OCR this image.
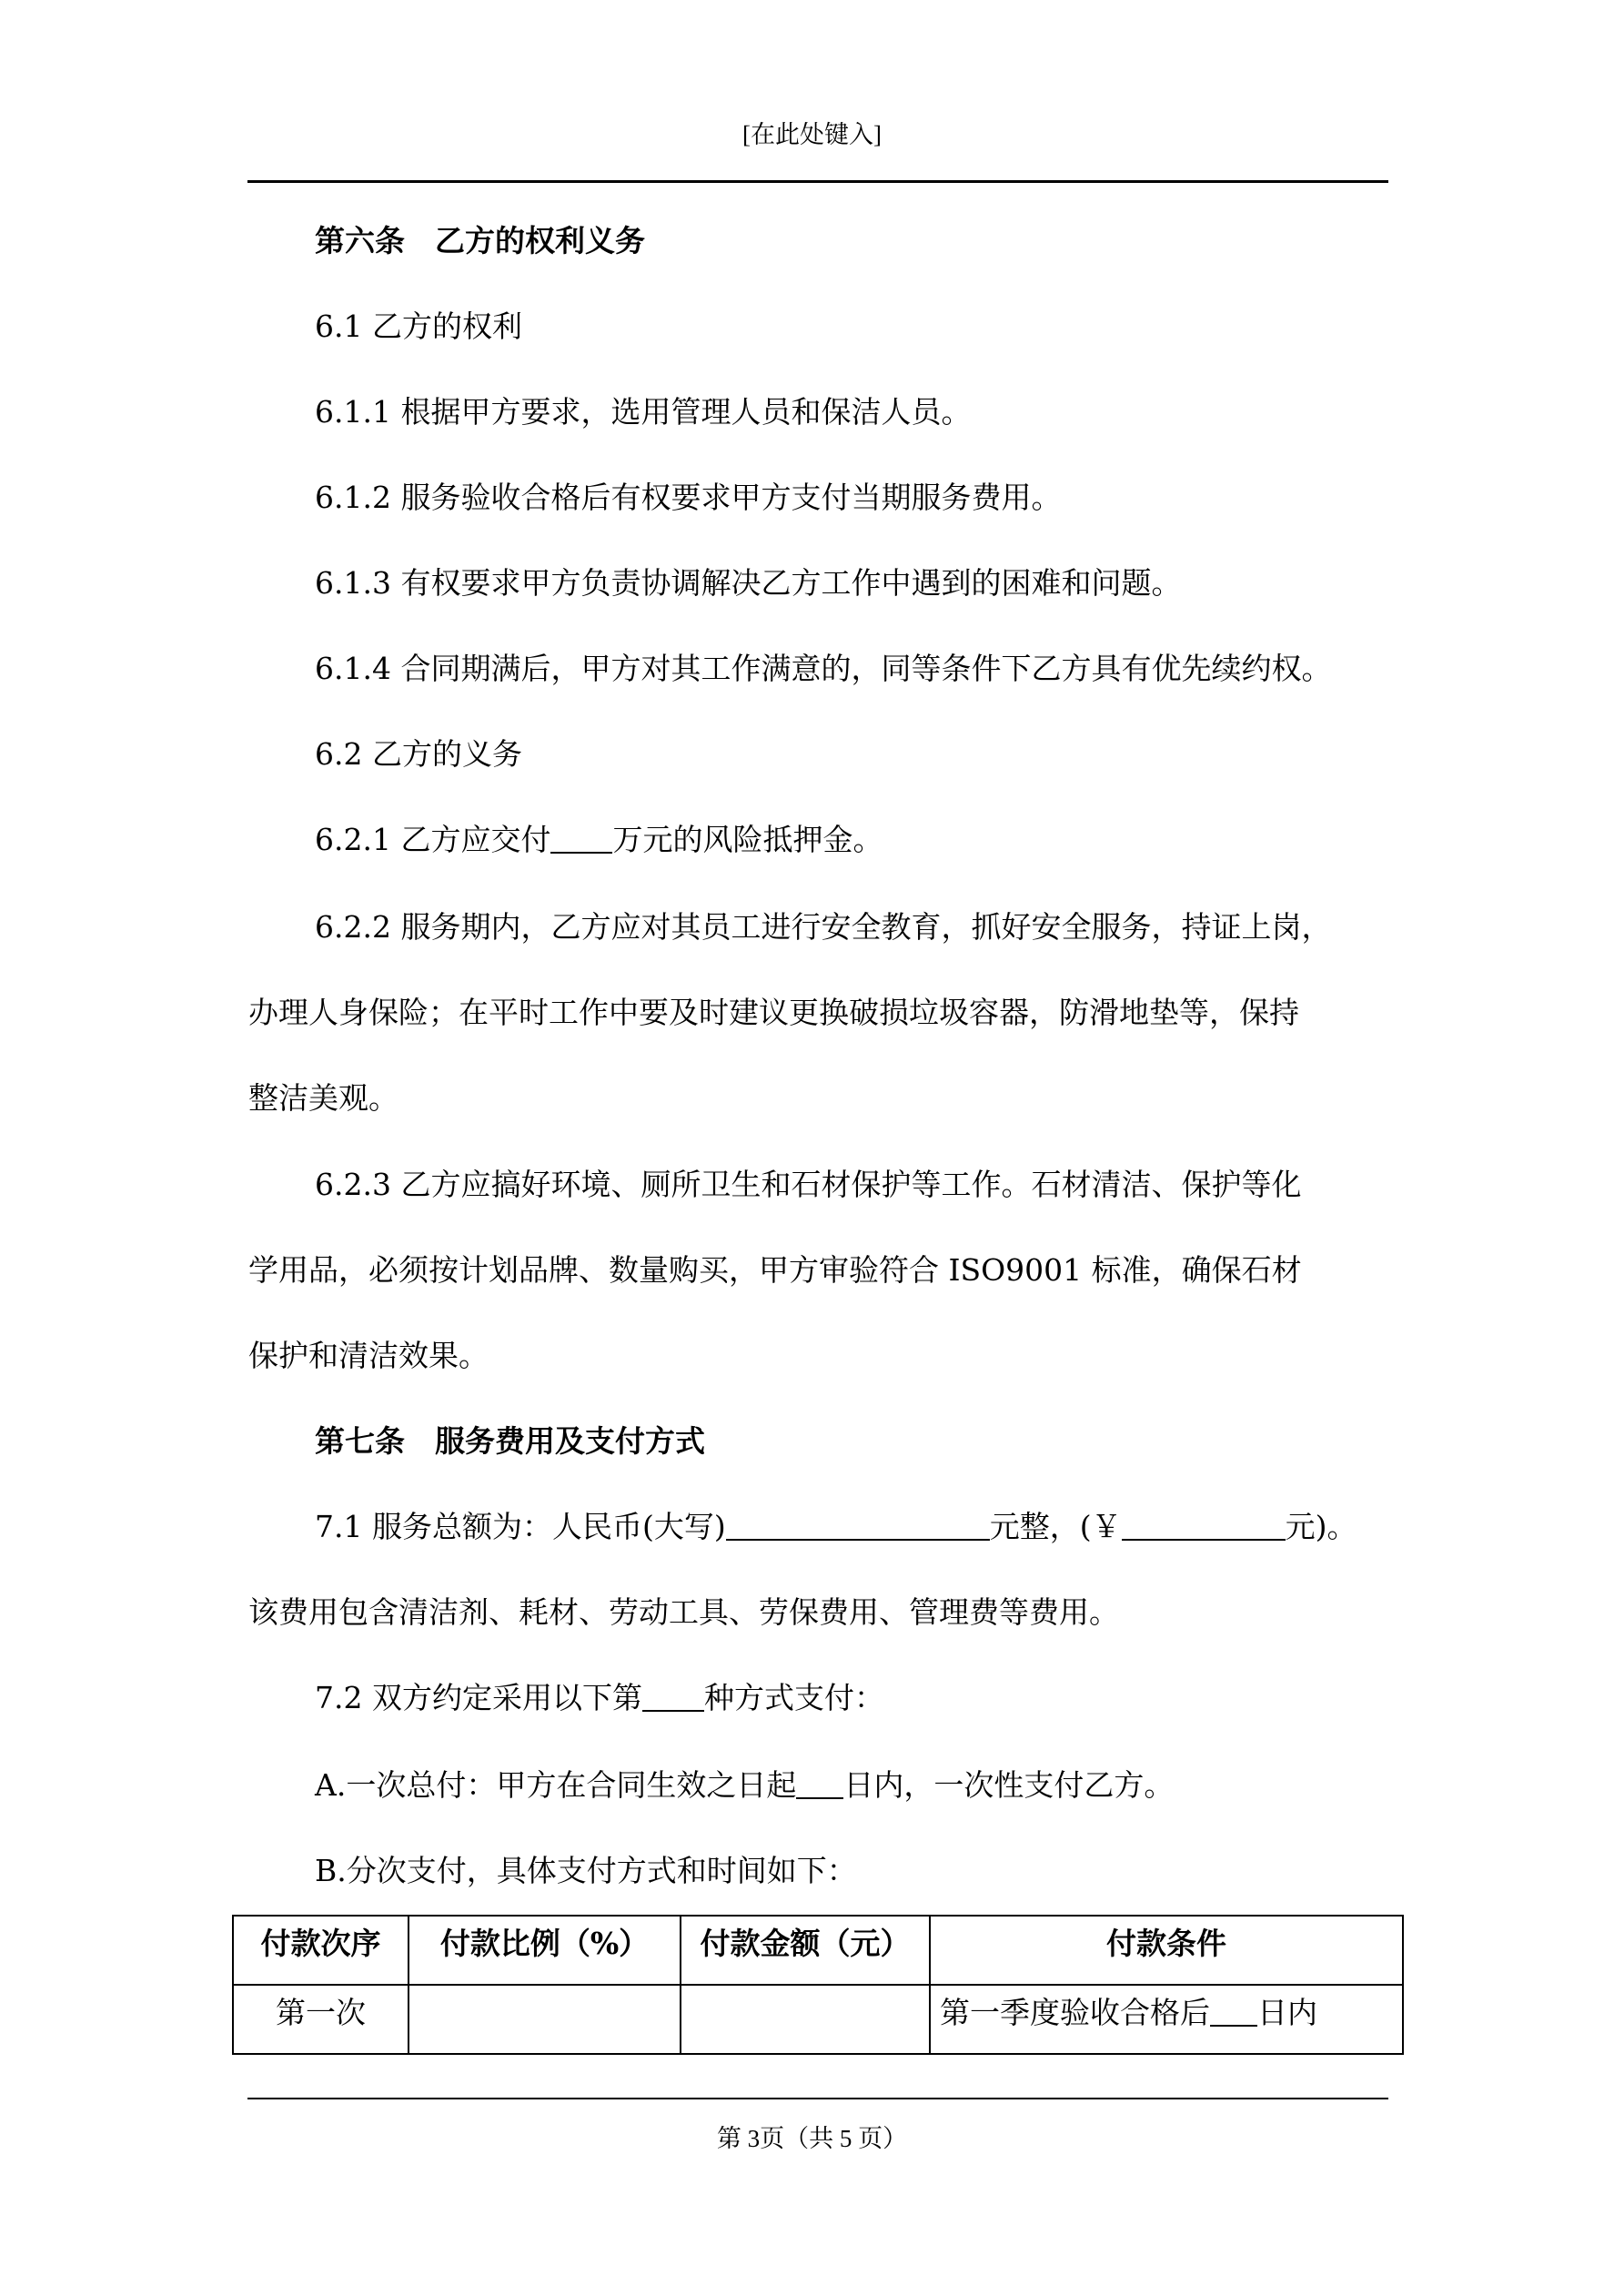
[在此处键入]
第六条　乙方的权利义务
6.1 乙方的权利
6.1.1 根据甲方要求，选用管理人员和保洁人员。
6.1.2 服务验收合格后有权要求甲方支付当期服务费用。
6.1.3 有权要求甲方负责协调解决乙方工作中遇到的困难和问题。
6.1.4 合同期满后，甲方对其工作满意的，同等条件下乙方具有优先续约权。
6.2 乙方的义务
6.2.1 乙方应交付 万元的风险抵押金。
6.2.2 服务期内，乙方应对其员工进行安全教育，抓好安全服务，持证上岗，
办理人身保险；在平时工作中要及时建议更换破损垃圾容器，防滑地垫等，保持
整洁美观。
6.2.3 乙方应搞好环境、厕所卫生和石材保护等工作。石材清洁、保护等化
学用品，必须按计划品牌、数量购买，甲方审验符合 ISO9001 标准，确保石材
保护和清洁效果。
第七条　服务费用及支付方式
7.1 服务总额为：人民币(大写)	元整，(￥	元)。
该费用包含清洁剂、耗材、劳动工具、劳保费用、管理费等费用。
7.2 双方约定采用以下第 种方式支付：
A.一次总付：甲方在合同生效之日起 日内，一次性支付乙方。
B.分次支付，具体支付方式和时间如下：
付款次序	付款比例（%）	付款金额（元）	付款条件
第一次			第一季度验收合格后 日内
第 3页（共 5 页）
